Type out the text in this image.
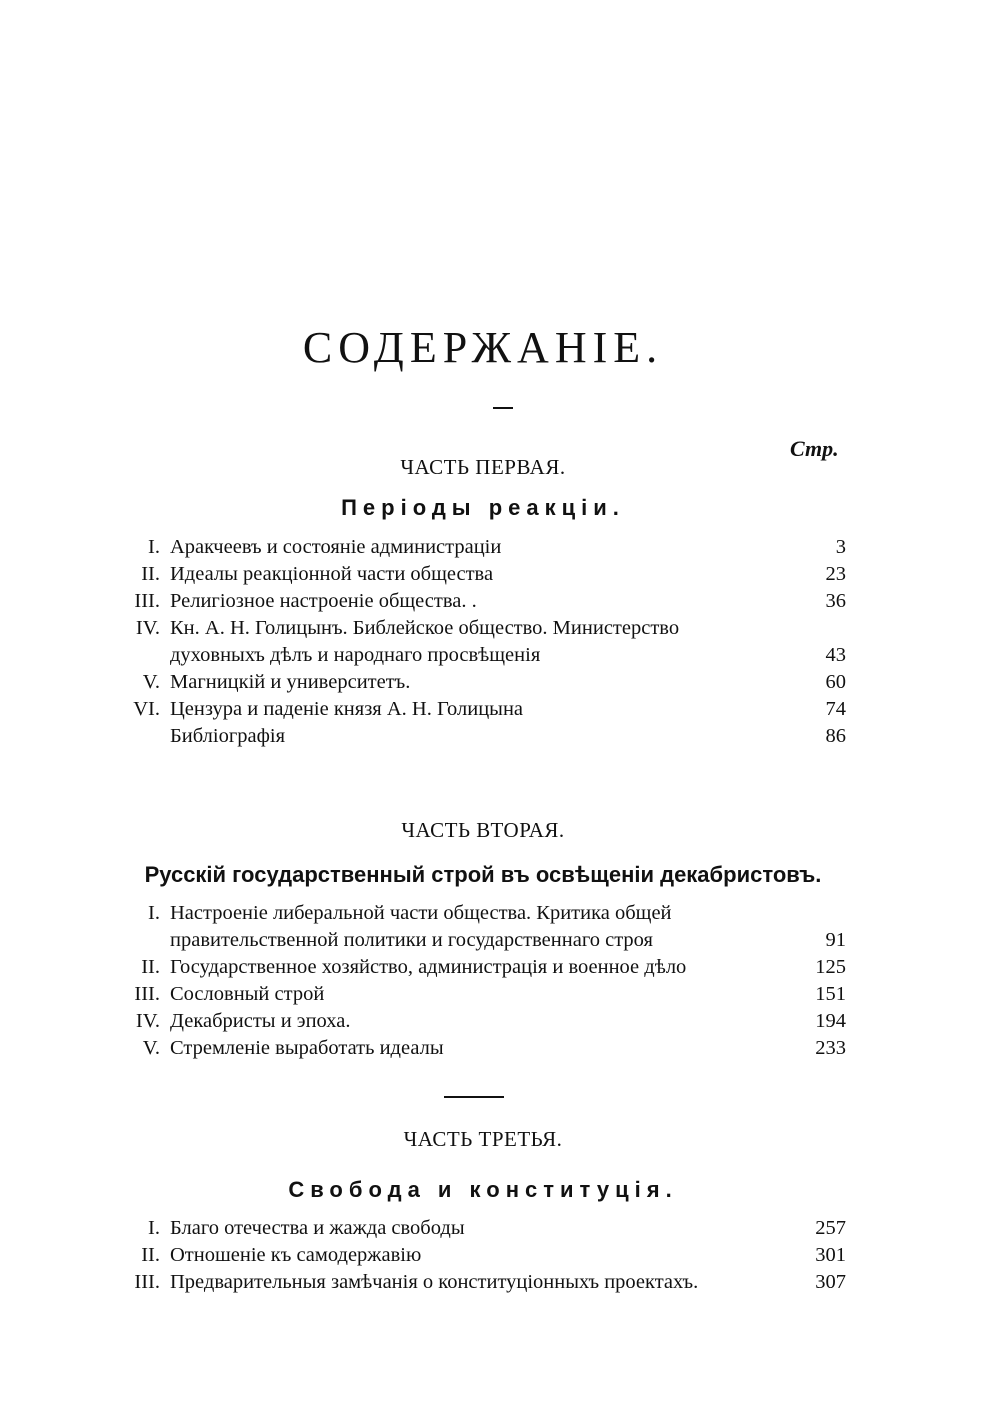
СОДЕРЖАНІЕ.
Стр.
ЧАСТЬ ПЕРВАЯ.
Періоды реакціи.
I. Аракчеевъ и состояніе администраціи	3
II. Идеалы реакціонной части общества	23
III. Религіозное настроеніе общества. .	36
IV. Кн. А. Н. Голицынъ. Библейское общество. Министерство
духовныхъ дѣлъ и народнаго просвѣщенія	43
V. Магницкій и университетъ.	60
VI. Цензура и паденіе князя А. Н. Голицына	74
Библіографія	86
ЧАСТЬ ВТОРАЯ.
Русскій государственный строй въ освѣщеніи декабристовъ.
I. Настроеніе либеральной части общества. Критика общей
правительственной политики и государственнаго строя	91
II. Государственное хозяйство, администрація и военное дѣло	125
III. Сословный строй	151
IV. Декабристы и эпоха.	194
V. Стремленіе выработать идеалы	233
ЧАСТЬ ТРЕТЬЯ.
Свобода и конституція.
I. Благо отечества и жажда свободы	257
II. Отношеніе къ самодержавію	301
III. Предварительныя замѣчанія о конституціонныхъ проектахъ.	307
